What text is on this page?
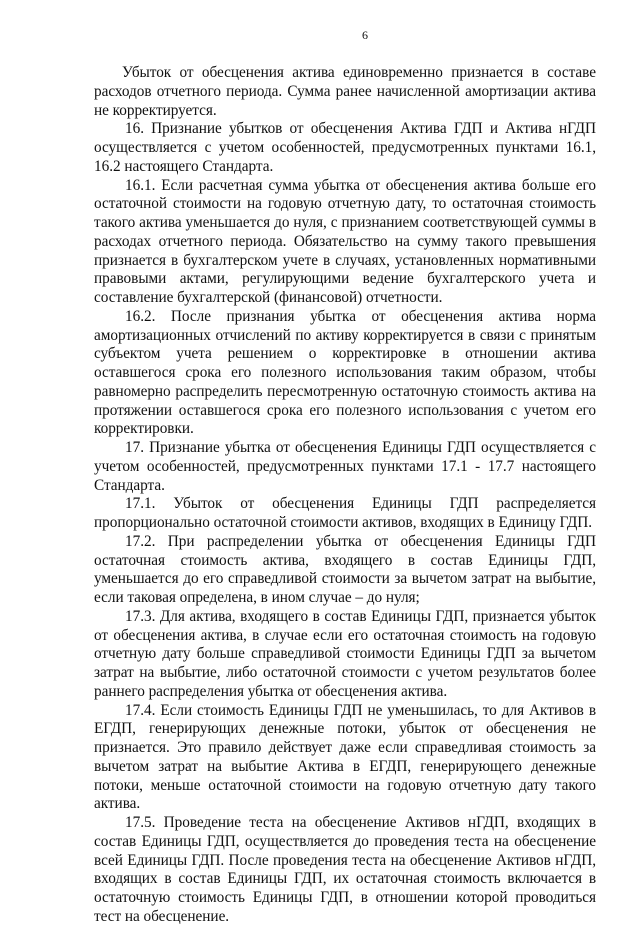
6

Убыток от обесценения актива единовременно признается в составе расходов отчетного периода. Сумма ранее начисленной амортизации актива не корректируется.

16. Признание убытков от обесценения Актива ГДП и Актива нГДП осуществляется с учетом особенностей, предусмотренных пунктами 16.1, 16.2 настоящего Стандарта.

16.1. Если расчетная сумма убытка от обесценения актива больше его остаточной стоимости на годовую отчетную дату, то остаточная стоимость такого актива уменьшается до нуля, с признанием соответствующей суммы в расходах отчетного периода. Обязательство на сумму такого превышения признается в бухгалтерском учете в случаях, установленных нормативными правовыми актами, регулирующими ведение бухгалтерского учета и составление бухгалтерской (финансовой) отчетности.

16.2. После признания убытка от обесценения актива норма амортизационных отчислений по активу корректируется в связи с принятым субъектом учета решением о корректировке в отношении актива оставшегося срока его полезного использования таким образом, чтобы равномерно распределить пересмотренную остаточную стоимость актива на протяжении оставшегося срока его полезного использования с учетом его корректировки.

17. Признание убытка от обесценения Единицы ГДП осуществляется с учетом особенностей, предусмотренных пунктами 17.1 - 17.7 настоящего Стандарта.

17.1. Убыток от обесценения Единицы ГДП распределяется пропорционально остаточной стоимости активов, входящих в Единицу ГДП.

17.2. При распределении убытка от обесценения Единицы ГДП остаточная стоимость актива, входящего в состав Единицы ГДП, уменьшается до его справедливой стоимости за вычетом затрат на выбытие, если таковая определена, в ином случае – до нуля;

17.3. Для актива, входящего в состав Единицы ГДП, признается убыток от обесценения актива, в случае если его остаточная стоимость на годовую отчетную дату больше справедливой стоимости Единицы ГДП за вычетом затрат на выбытие, либо остаточной стоимости с учетом результатов более раннего распределения убытка от обесценения актива.

17.4. Если стоимость Единицы ГДП не уменьшилась, то для Активов в ЕГДП, генерирующих денежные потоки, убыток от обесценения не признается. Это правило действует даже если справедливая стоимость за вычетом затрат на выбытие Актива в ЕГДП, генерирующего денежные потоки, меньше остаточной стоимости на годовую отчетную дату такого актива.

17.5. Проведение теста на обесценение Активов нГДП, входящих в состав Единицы ГДП, осуществляется до проведения теста на обесценение всей Единицы ГДП. После проведения теста на обесценение Активов нГДП, входящих в состав Единицы ГДП, их остаточная стоимость включается в остаточную стоимость Единицы ГДП, в отношении которой проводиться тест на обесценение.
